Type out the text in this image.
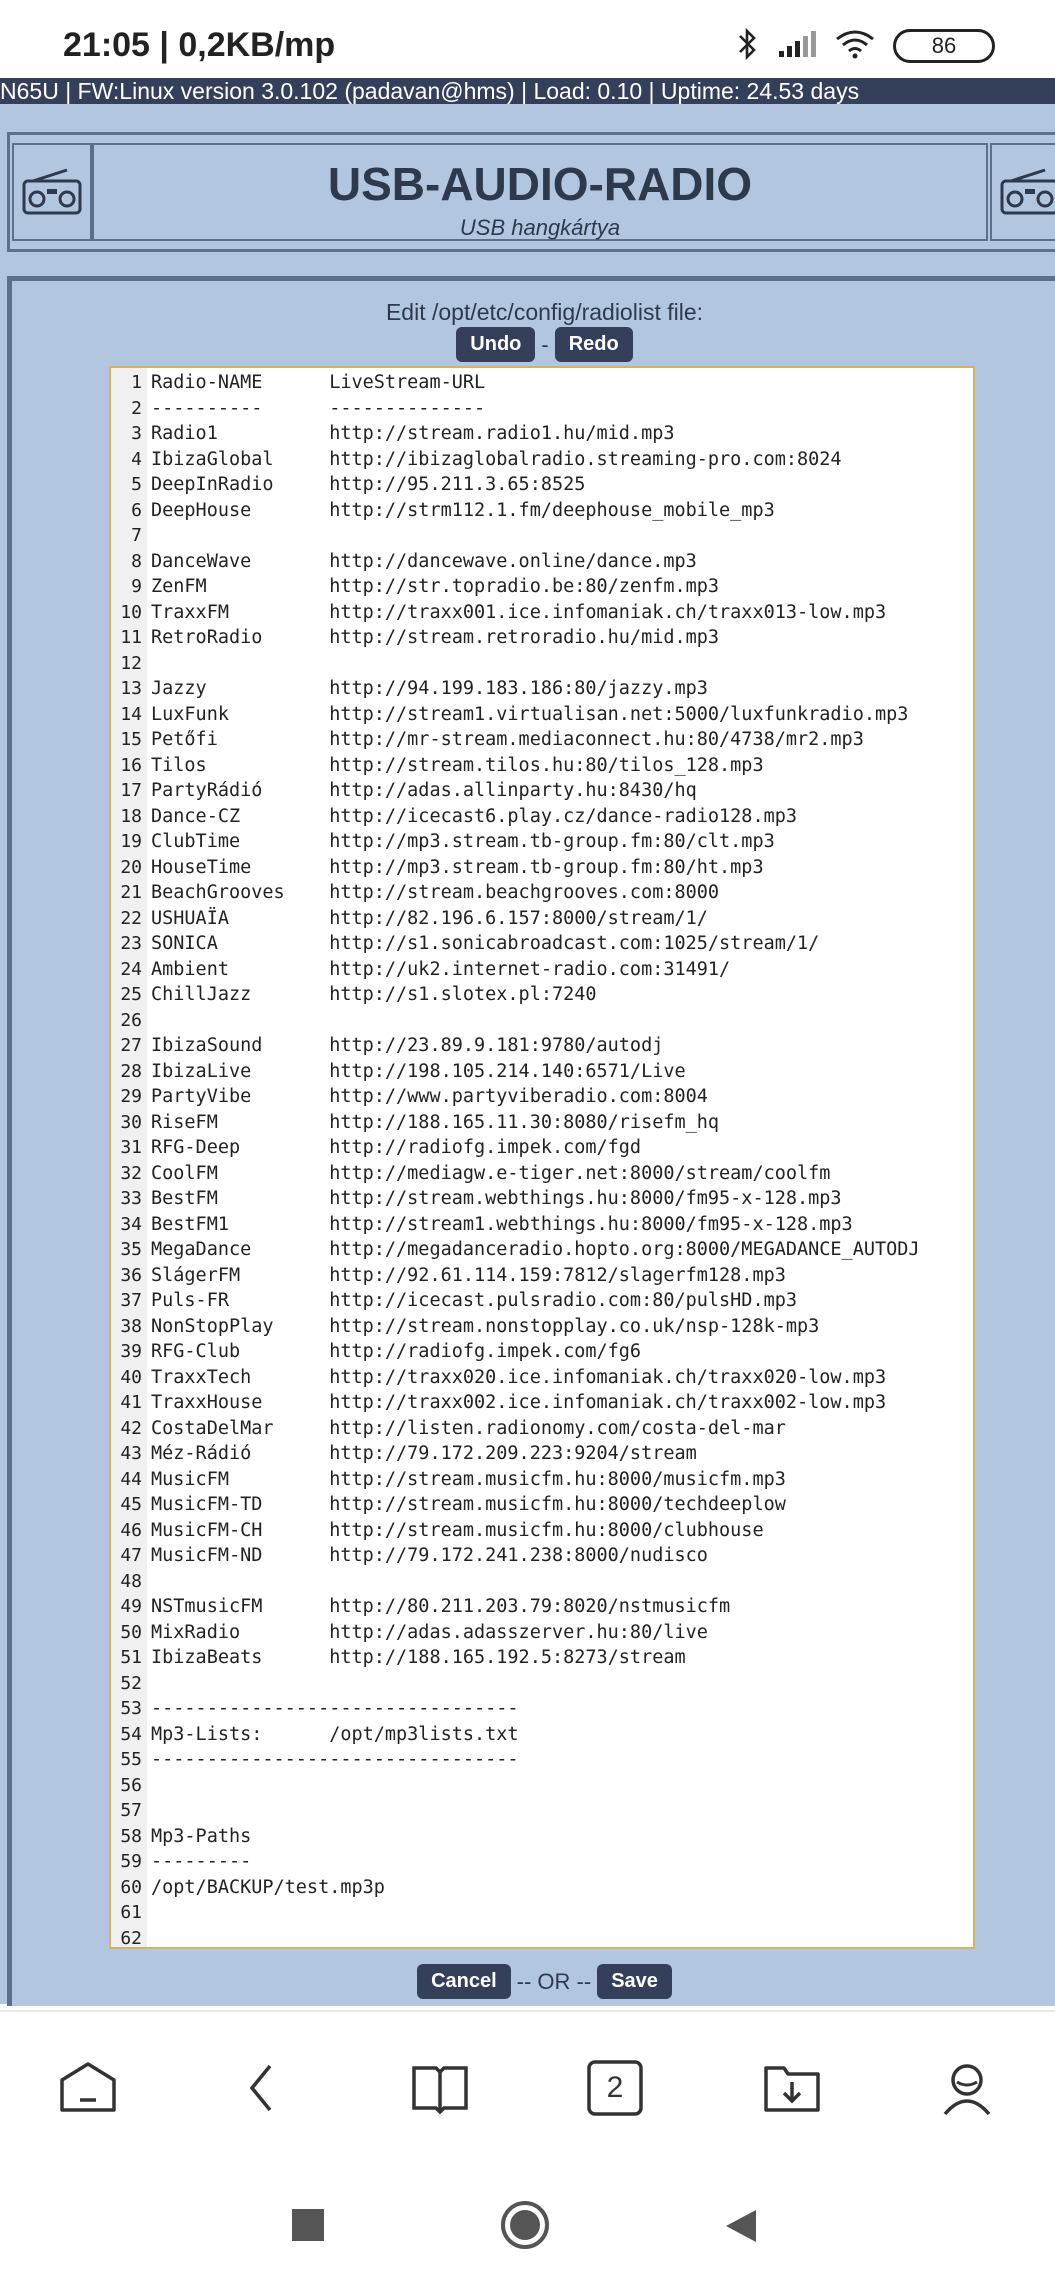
21:05 | 0,2KB/mp	86
N65U | FW:Linux version 3.0.102 (padavan@hms) | Load: 0.10 | Uptime: 24.53 days
USB-AUDIO-RADIO
USB hangkártya
Edit /opt/etc/config/radiolist file:
Undo - Redo
1 Radio-NAME      LiveStream-URL
2 ----------      --------------
3 Radio1          http://stream.radio1.hu/mid.mp3
4 IbizaGlobal     http://ibizaglobalradio.streaming-pro.com:8024
5 DeepInRadio     http://95.211.3.65:8525
6 DeepHouse       http://strm112.1.fm/deephouse_mobile_mp3
7
8 DanceWave       http://dancewave.online/dance.mp3
9 ZenFM           http://str.topradio.be:80/zenfm.mp3
10 TraxxFM         http://traxx001.ice.infomaniak.ch/traxx013-low.mp3
11 RetroRadio      http://stream.retroradio.hu/mid.mp3
12
13 Jazzy           http://94.199.183.186:80/jazzy.mp3
14 LuxFunk         http://stream1.virtualisan.net:5000/luxfunkradio.mp3
15 Petőfi          http://mr-stream.mediaconnect.hu:80/4738/mr2.mp3
16 Tilos           http://stream.tilos.hu:80/tilos_128.mp3
17 PartyRádió      http://adas.allinparty.hu:8430/hq
18 Dance-CZ        http://icecast6.play.cz/dance-radio128.mp3
19 ClubTime        http://mp3.stream.tb-group.fm:80/clt.mp3
20 HouseTime       http://mp3.stream.tb-group.fm:80/ht.mp3
21 BeachGrooves    http://stream.beachgrooves.com:8000
22 USHUAÏA         http://82.196.6.157:8000/stream/1/
23 SONICA          http://s1.sonicabroadcast.com:1025/stream/1/
24 Ambient         http://uk2.internet-radio.com:31491/
25 ChillJazz       http://s1.slotex.pl:7240
26
27 IbizaSound      http://23.89.9.181:9780/autodj
28 IbizaLive       http://198.105.214.140:6571/Live
29 PartyVibe       http://www.partyviberadio.com:8004
30 RiseFM          http://188.165.11.30:8080/risefm_hq
31 RFG-Deep        http://radiofg.impek.com/fgd
32 CoolFM          http://mediagw.e-tiger.net:8000/stream/coolfm
33 BestFM          http://stream.webthings.hu:8000/fm95-x-128.mp3
34 BestFM1         http://stream1.webthings.hu:8000/fm95-x-128.mp3
35 MegaDance       http://megadanceradio.hopto.org:8000/MEGADANCE_AUTODJ
36 SlágerFM        http://92.61.114.159:7812/slagerfm128.mp3
37 Puls-FR         http://icecast.pulsradio.com:80/pulsHD.mp3
38 NonStopPlay     http://stream.nonstopplay.co.uk/nsp-128k-mp3
39 RFG-Club        http://radiofg.impek.com/fg6
40 TraxxTech       http://traxx020.ice.infomaniak.ch/traxx020-low.mp3
41 TraxxHouse      http://traxx002.ice.infomaniak.ch/traxx002-low.mp3
42 CostaDelMar     http://listen.radionomy.com/costa-del-mar
43 Méz-Rádió       http://79.172.209.223:9204/stream
44 MusicFM         http://stream.musicfm.hu:8000/musicfm.mp3
45 MusicFM-TD      http://stream.musicfm.hu:8000/techdeeplow
46 MusicFM-CH      http://stream.musicfm.hu:8000/clubhouse
47 MusicFM-ND      http://79.172.241.238:8000/nudisco
48
49 NSTmusicFM      http://80.211.203.79:8020/nstmusicfm
50 MixRadio        http://adas.adasszerver.hu:80/live
51 IbizaBeats      http://188.165.192.5:8273/stream
52
53 ---------------------------------
54 Mp3-Lists:      /opt/mp3lists.txt
55 ---------------------------------
56
57
58 Mp3-Paths
59 ---------
60 /opt/BACKUP/test.mp3p
61
62
Cancel -- OR -- Save
2
